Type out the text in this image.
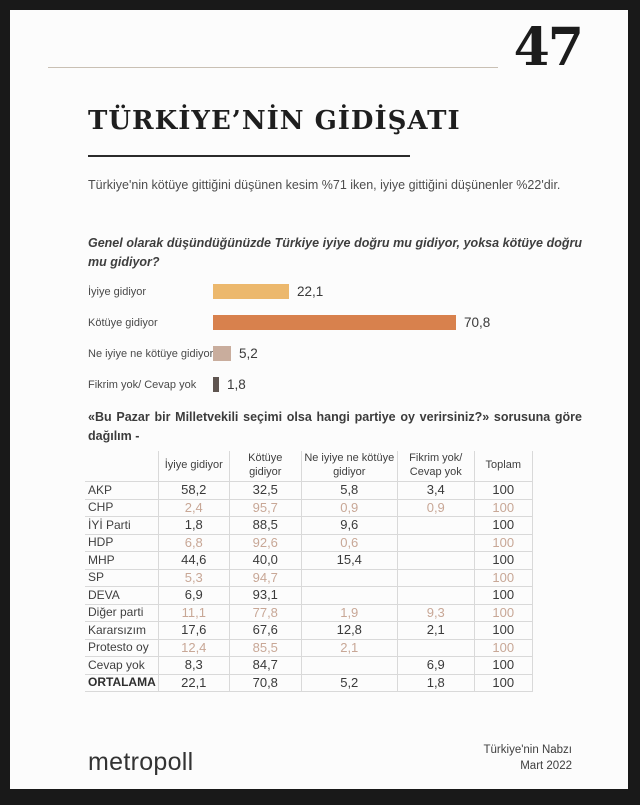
47
TÜRKİYE’NİN GİDİŞATI

Türkiye'nin kötüye gittiğini düşünen kesim %71 iken, iyiye gittiğini düşünenler %22'dir.

Genel olarak düşündüğünüzde Türkiye iyiye doğru mu gidiyor, yoksa kötüye doğru mu gidiyor?

İyiye gidiyor	22,1
Kötüye gidiyor	70,8
Ne iyiye ne kötüye gidiyor 5,2
Fikrim yok/ Cevap yok	1,8

«Bu Pazar bir Milletvekili seçimi olsa hangi partiye oy verirsiniz?» sorusuna göre dağılım -

	İyiye gidiyor	Kötüye gidiyor	Ne iyiye ne kötüye gidiyor	Fikrim yok/ Cevap yok	Toplam
AKP	58,2	32,5	5,8	3,4	100
CHP	2,4	95,7	0,9	0,9	100
İYİ Parti	1,8	88,5	9,6		100
HDP	6,8	92,6	0,6		100
MHP	44,6	40,0	15,4		100
SP	5,3	94,7			100
DEVA	6,9	93,1			100
Diğer parti	11,1	77,8	1,9	9,3	100
Kararsızım	17,6	67,6	12,8	2,1	100
Protesto oy	12,4	85,5	2,1		100
Cevap yok	8,3	84,7		6,9	100
ORTALAMA	22,1	70,8	5,2	1,8	100
metropoll	Türkiye'nin Nabzı
Mart 2022
